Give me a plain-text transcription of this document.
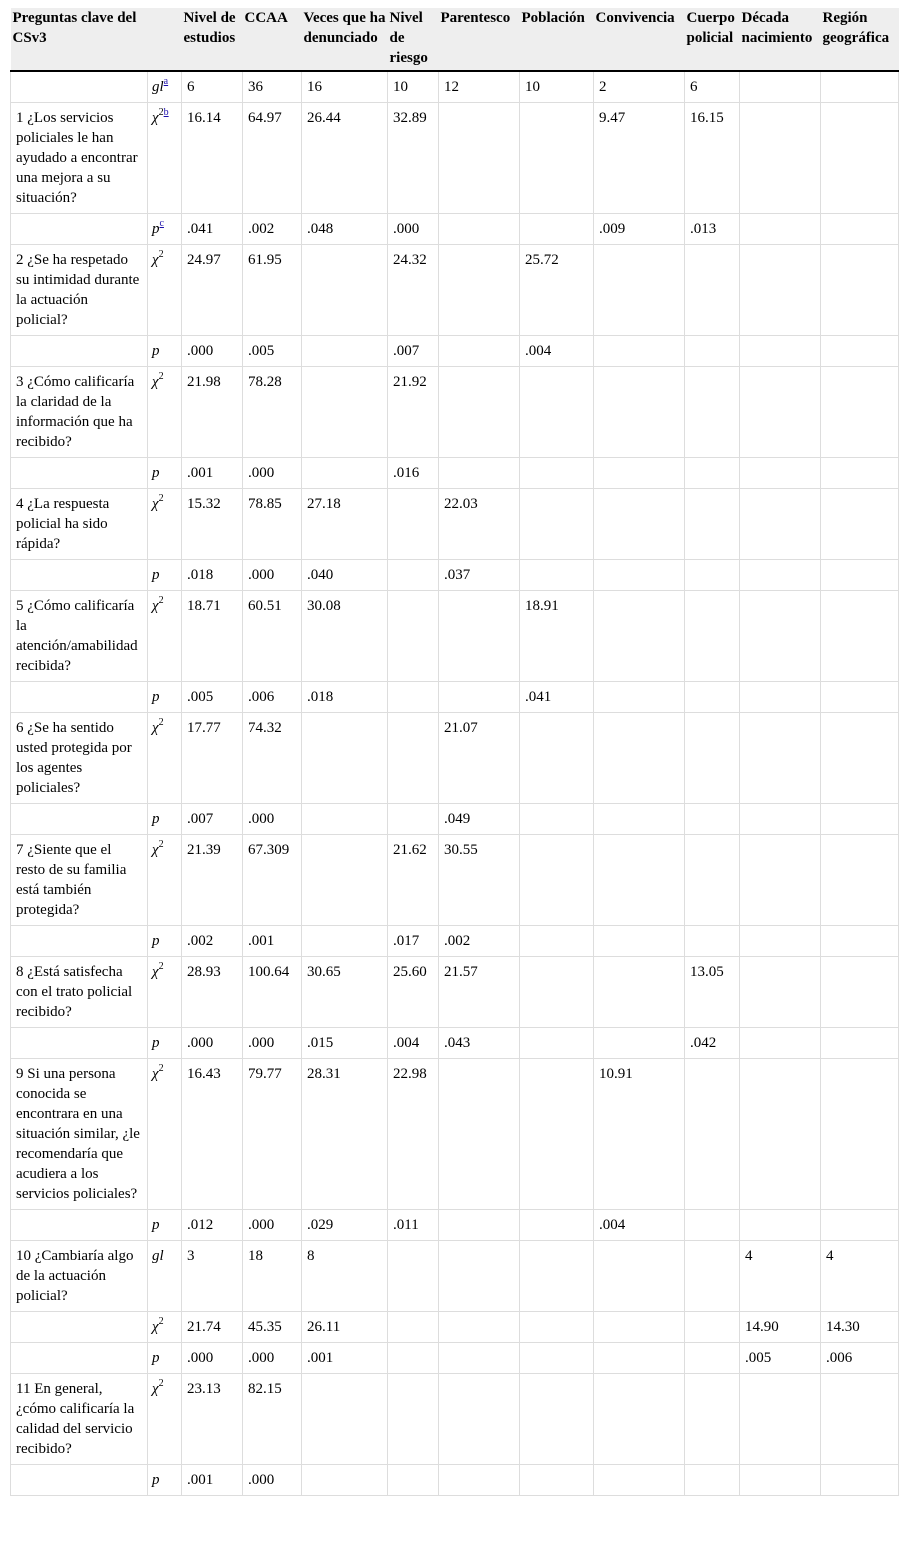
Preguntas clave del CSv3		Nivel de estudios	CCAA	Veces que ha denunciado	Nivel de riesgo	Parentesco	Población	Convivencia	Cuerpo policial	Década nacimiento	Región geográfica
	$gl^a$	6	36	16	10	12	10	2	6		
1 ¿Los servicios policiales le han ayudado a encontrar una mejora a su situación?	$\chi^{2b}$	16.14	64.97	26.44	32.89			9.47	16.15		
	$p^c$	.041	.002	.048	.000			.009	.013		
2 ¿Se ha respetado su intimidad durante la actuación policial?	$\chi^2$	24.97	61.95		24.32		25.72				
	p	.000	.005		.007		.004				
3 ¿Cómo calificaría la claridad de la información que ha recibido?	$\chi^2$	21.98	78.28		21.92						
	p	.001	.000		.016						
4 ¿La respuesta policial ha sido rápida?	$\chi^2$	15.32	78.85	27.18		22.03					
	p	.018	.000	.040		.037					
5 ¿Cómo calificaría la atención/amabilidad recibida?	$\chi^2$	18.71	60.51	30.08			18.91				
	p	.005	.006	.018			.041				
6 ¿Se ha sentido usted protegida por los agentes policiales?	$\chi^2$	17.77	74.32			21.07					
	p	.007	.000			.049					
7 ¿Siente que el resto de su familia está también protegida?	$\chi^2$	21.39	67.309		21.62	30.55					
	p	.002	.001		.017	.002					
8 ¿Está satisfecha con el trato policial recibido?	$\chi^2$	28.93	100.64	30.65	25.60	21.57			13.05		
	p	.000	.000	.015	.004	.043			.042		
9 Si una persona conocida se encontrara en una situación similar, ¿le recomendaría que acudiera a los servicios policiales?	$\chi^2$	16.43	79.77	28.31	22.98			10.91			
	p	.012	.000	.029	.011			.004			
10 ¿Cambiaría algo de la actuación policial?	gl	3	18	8						4	4
	$\chi^2$	21.74	45.35	26.11						14.90	14.30
	p	.000	.000	.001						.005	.006
11 En general, ¿cómo calificaría la calidad del servicio recibido?	$\chi^2$	23.13	82.15								
	p	.001	.000								
